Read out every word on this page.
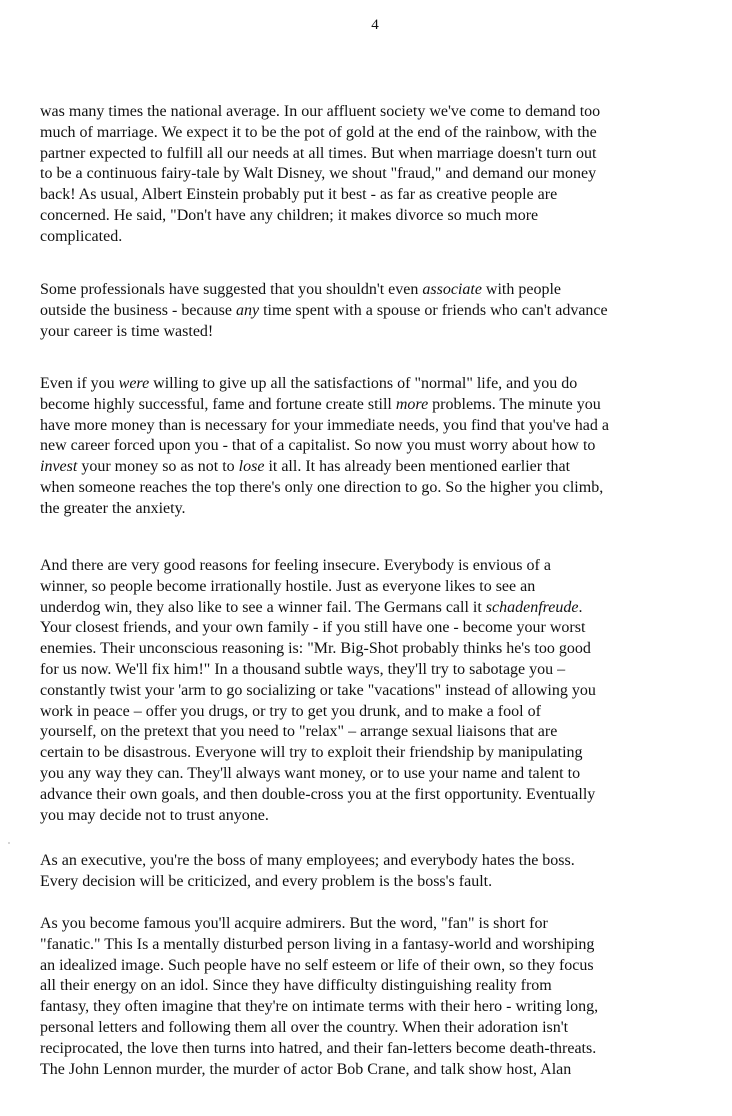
4
was many times the national average. In our affluent society we've come to demand too
much of marriage. We expect it to be the pot of gold at the end of the rainbow, with the
partner expected to fulfill all our needs at all times. But when marriage doesn't turn out
to be a continuous fairy-tale by Walt Disney, we shout "fraud," and demand our money
back! As usual, Albert Einstein probably put it best - as far as creative people are
concerned. He said, "Don't have any children; it makes divorce so much more
complicated.
Some professionals have suggested that you shouldn't even associate with people
outside the business - because any time spent with a spouse or friends who can't advance
your career is time wasted!
Even if you were willing to give up all the satisfactions of "normal" life, and you do
become highly successful, fame and fortune create still more problems. The minute you
have more money than is necessary for your immediate needs, you find that you've had a
new career forced upon you - that of a capitalist. So now you must worry about how to
invest your money so as not to lose it all. It has already been mentioned earlier that
when someone reaches the top there's only one direction to go. So the higher you climb,
the greater the anxiety.
And there are very good reasons for feeling insecure. Everybody is envious of a
winner, so people become irrationally hostile. Just as everyone likes to see an
underdog win, they also like to see a winner fail. The Germans call it schadenfreude.
Your closest friends, and your own family - if you still have one - become your worst
enemies. Their unconscious reasoning is: "Mr. Big-Shot probably thinks he's too good
for us now. We'll fix him!" In a thousand subtle ways, they'll try to sabotage you –
constantly twist your 'arm to go socializing or take "vacations" instead of allowing you
work in peace – offer you drugs, or try to get you drunk, and to make a fool of
yourself, on the pretext that you need to "relax" – arrange sexual liaisons that are
certain to be disastrous. Everyone will try to exploit their friendship by manipulating
you any way they can. They'll always want money, or to use your name and talent to
advance their own goals, and then double-cross you at the first opportunity. Eventually
you may decide not to trust anyone.
As an executive, you're the boss of many employees; and everybody hates the boss.
Every decision will be criticized, and every problem is the boss's fault.
As you become famous you'll acquire admirers. But the word, "fan" is short for
"fanatic." This Is a mentally disturbed person living in a fantasy-world and worshiping
an idealized image. Such people have no self esteem or life of their own, so they focus
all their energy on an idol. Since they have difficulty distinguishing reality from
fantasy, they often imagine that they're on intimate terms with their hero - writing long,
personal letters and following them all over the country. When their adoration isn't
reciprocated, the love then turns into hatred, and their fan-letters become death-threats.
The John Lennon murder, the murder of actor Bob Crane, and talk show host, Alan
